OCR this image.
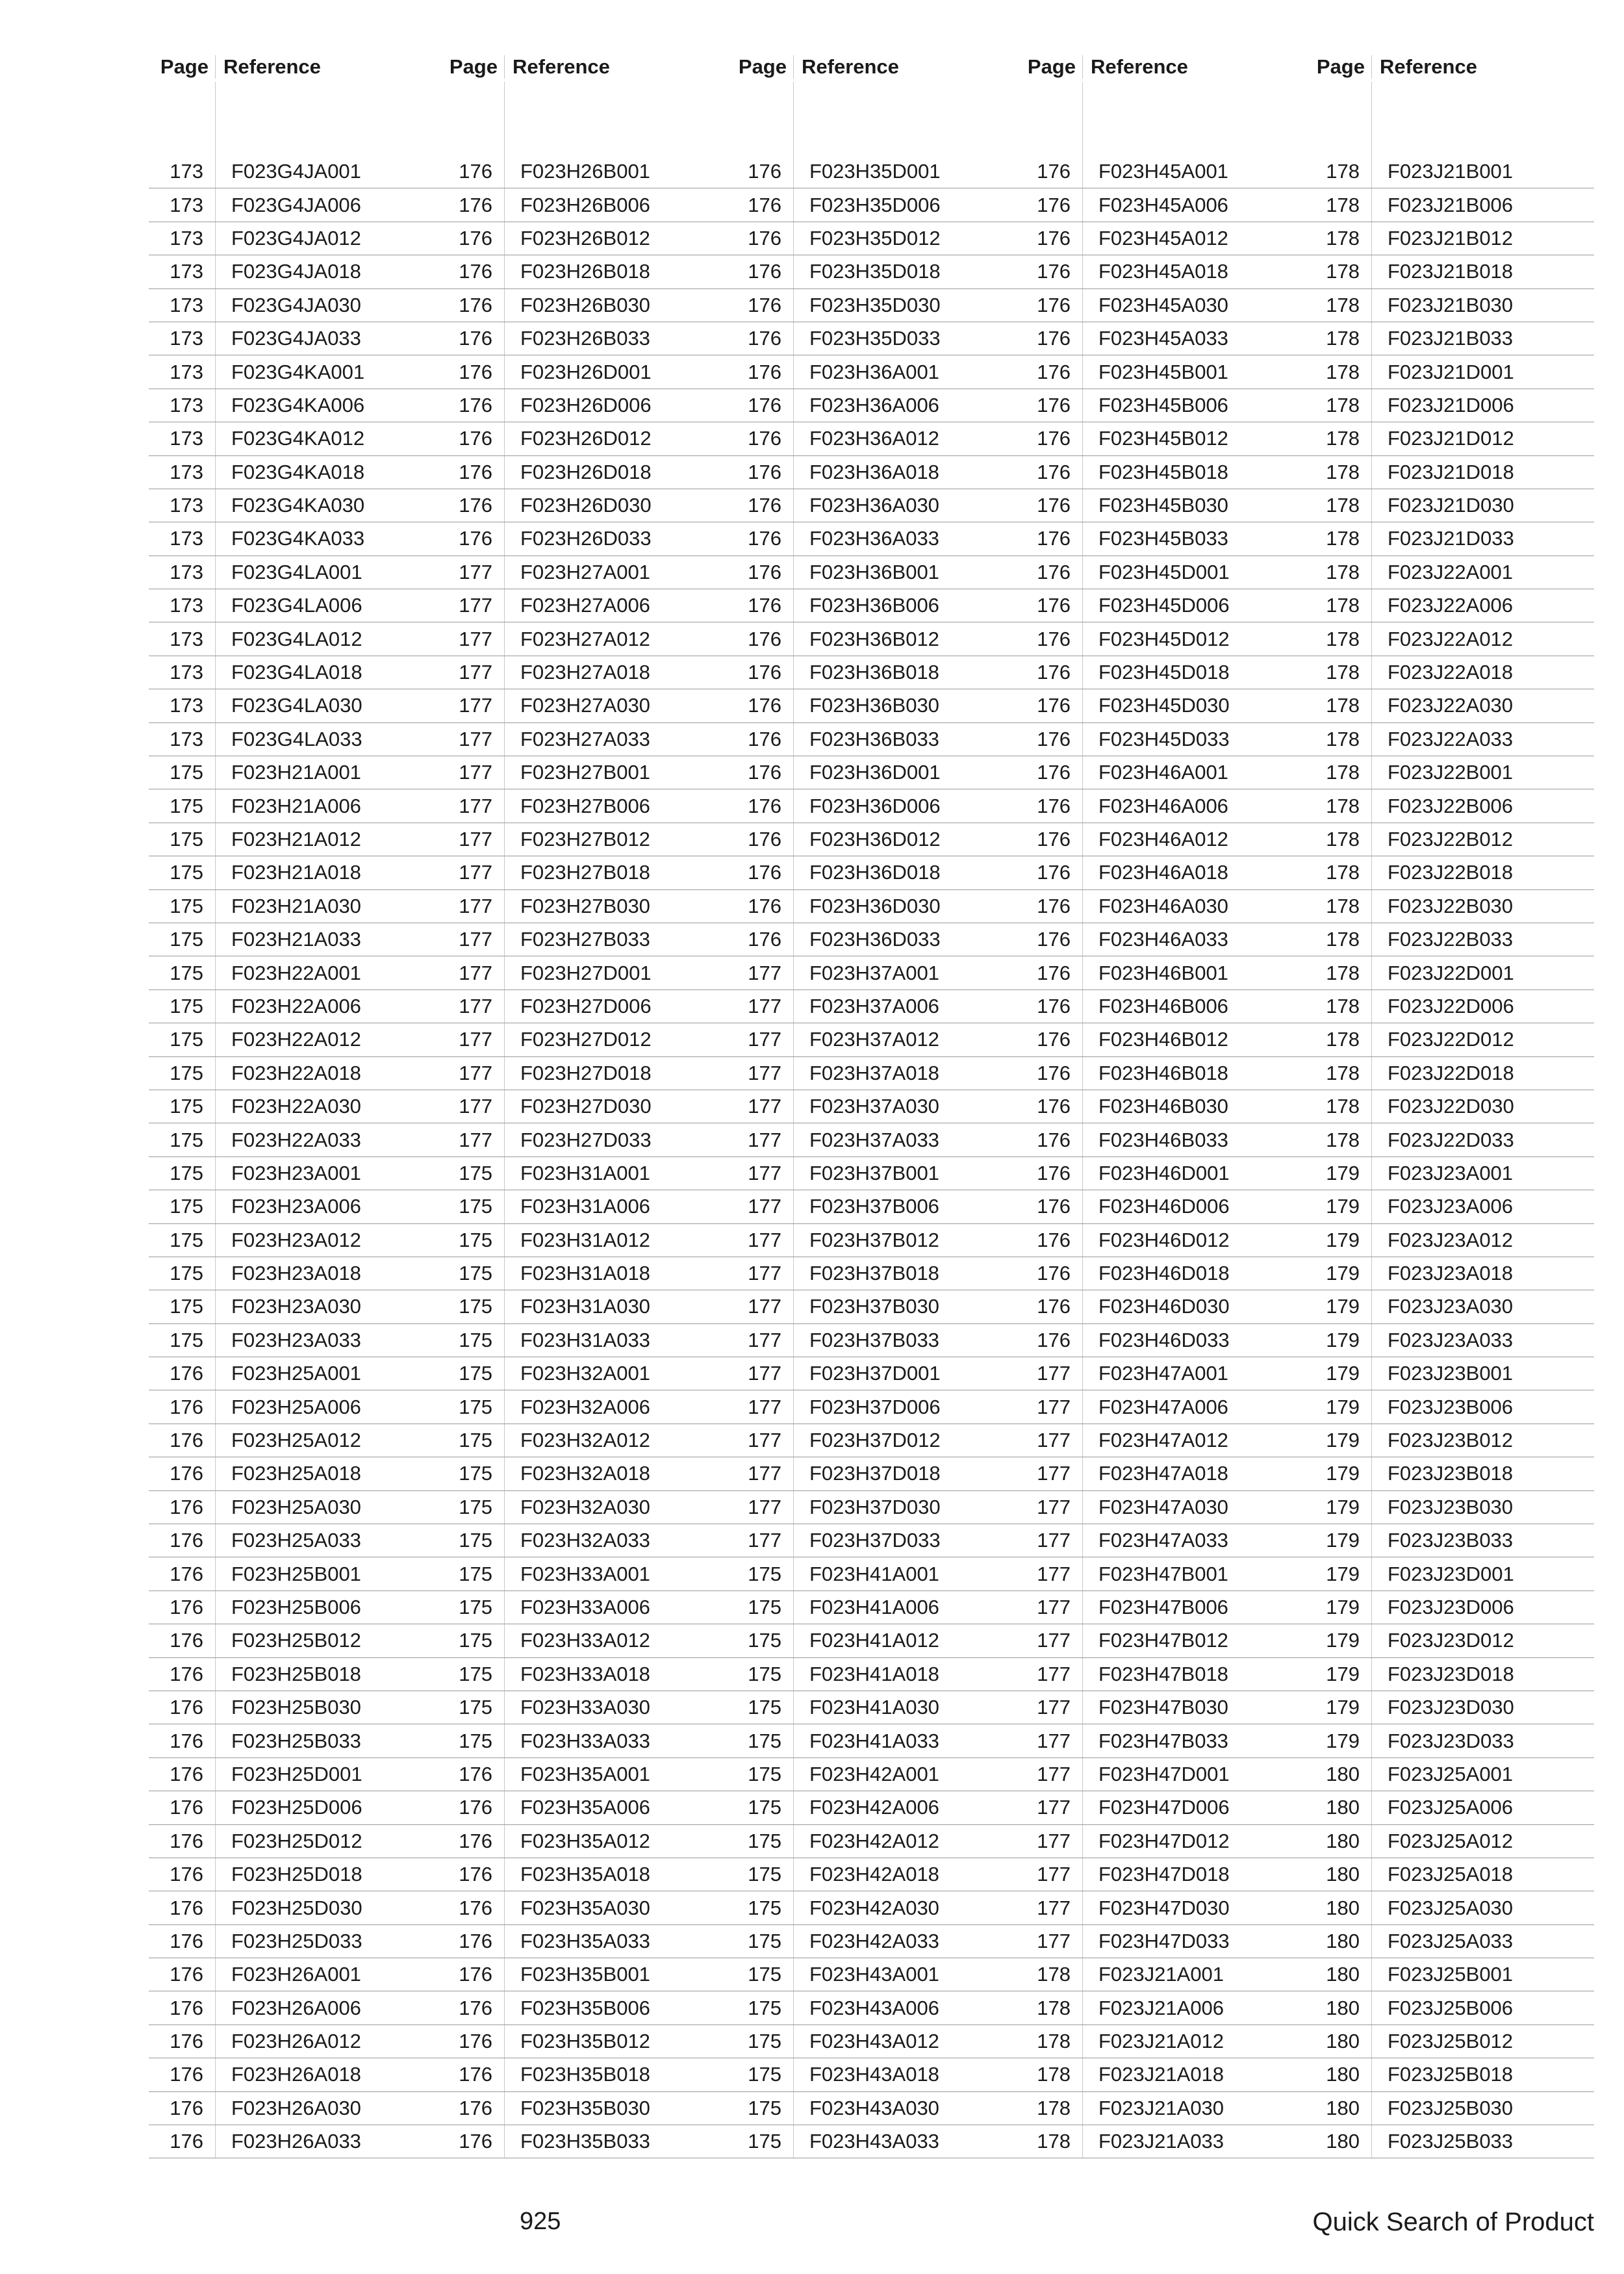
Page Reference
173	F023G4JA001
173	F023G4JA006
173	F023G4JA012
173	F023G4JA018
173	F023G4JA030
173	F023G4JA033
173	F023G4KA001
173	F023G4KA006
173	F023G4KA012
173	F023G4KA018
173	F023G4KA030
173	F023G4KA033
173	F023G4LA001
173	F023G4LA006
173	F023G4LA012
173	F023G4LA018
173	F023G4LA030
173	F023G4LA033
175	F023H21A001
175	F023H21A006
175	F023H21A012
175	F023H21A018
175	F023H21A030
175	F023H21A033
175	F023H22A001
175	F023H22A006
175	F023H22A012
175	F023H22A018
175	F023H22A030
175	F023H22A033
175	F023H23A001
175	F023H23A006
175	F023H23A012
175	F023H23A018
175	F023H23A030
175	F023H23A033
176	F023H25A001
176	F023H25A006
176	F023H25A012
176	F023H25A018
176	F023H25A030
176	F023H25A033
176	F023H25B001
176	F023H25B006
176	F023H25B012
176	F023H25B018
176	F023H25B030
176	F023H25B033
176	F023H25D001
176	F023H25D006
176	F023H25D012
176	F023H25D018
176	F023H25D030
176	F023H25D033
176	F023H26A001
176	F023H26A006
176	F023H26A012
176	F023H26A018
176	F023H26A030
176	F023H26A033
Page Reference
176	F023H26B001
176	F023H26B006
176	F023H26B012
176	F023H26B018
176	F023H26B030
176	F023H26B033
176	F023H26D001
176	F023H26D006
176	F023H26D012
176	F023H26D018
176	F023H26D030
176	F023H26D033
177	F023H27A001
177	F023H27A006
177	F023H27A012
177	F023H27A018
177	F023H27A030
177	F023H27A033
177	F023H27B001
177	F023H27B006
177	F023H27B012
177	F023H27B018
177	F023H27B030
177	F023H27B033
177	F023H27D001
177	F023H27D006
177	F023H27D012
177	F023H27D018
177	F023H27D030
177	F023H27D033
175	F023H31A001
175	F023H31A006
175	F023H31A012
175	F023H31A018
175	F023H31A030
175	F023H31A033
175	F023H32A001
175	F023H32A006
175	F023H32A012
175	F023H32A018
175	F023H32A030
175	F023H32A033
175	F023H33A001
175	F023H33A006
175	F023H33A012
175	F023H33A018
175	F023H33A030
175	F023H33A033
176	F023H35A001
176	F023H35A006
176	F023H35A012
176	F023H35A018
176	F023H35A030
176	F023H35A033
176	F023H35B001
176	F023H35B006
176	F023H35B012
176	F023H35B018
176	F023H35B030
176	F023H35B033
Page Reference
176	F023H35D001
176	F023H35D006
176	F023H35D012
176	F023H35D018
176	F023H35D030
176	F023H35D033
176	F023H36A001
176	F023H36A006
176	F023H36A012
176	F023H36A018
176	F023H36A030
176	F023H36A033
176	F023H36B001
176	F023H36B006
176	F023H36B012
176	F023H36B018
176	F023H36B030
176	F023H36B033
176	F023H36D001
176	F023H36D006
176	F023H36D012
176	F023H36D018
176	F023H36D030
176	F023H36D033
177	F023H37A001
177	F023H37A006
177	F023H37A012
177	F023H37A018
177	F023H37A030
177	F023H37A033
177	F023H37B001
177	F023H37B006
177	F023H37B012
177	F023H37B018
177	F023H37B030
177	F023H37B033
177	F023H37D001
177	F023H37D006
177	F023H37D012
177	F023H37D018
177	F023H37D030
177	F023H37D033
175	F023H41A001
175	F023H41A006
175	F023H41A012
175	F023H41A018
175	F023H41A030
175	F023H41A033
175	F023H42A001
175	F023H42A006
175	F023H42A012
175	F023H42A018
175	F023H42A030
175	F023H42A033
175	F023H43A001
175	F023H43A006
175	F023H43A012
175	F023H43A018
175	F023H43A030
175	F023H43A033
Page Reference
176	F023H45A001
176	F023H45A006
176	F023H45A012
176	F023H45A018
176	F023H45A030
176	F023H45A033
176	F023H45B001
176	F023H45B006
176	F023H45B012
176	F023H45B018
176	F023H45B030
176	F023H45B033
176	F023H45D001
176	F023H45D006
176	F023H45D012
176	F023H45D018
176	F023H45D030
176	F023H45D033
176	F023H46A001
176	F023H46A006
176	F023H46A012
176	F023H46A018
176	F023H46A030
176	F023H46A033
176	F023H46B001
176	F023H46B006
176	F023H46B012
176	F023H46B018
176	F023H46B030
176	F023H46B033
176	F023H46D001
176	F023H46D006
176	F023H46D012
176	F023H46D018
176	F023H46D030
176	F023H46D033
177	F023H47A001
177	F023H47A006
177	F023H47A012
177	F023H47A018
177	F023H47A030
177	F023H47A033
177	F023H47B001
177	F023H47B006
177	F023H47B012
177	F023H47B018
177	F023H47B030
177	F023H47B033
177	F023H47D001
177	F023H47D006
177	F023H47D012
177	F023H47D018
177	F023H47D030
177	F023H47D033
178	F023J21A001
178	F023J21A006
178	F023J21A012
178	F023J21A018
178	F023J21A030
178	F023J21A033
Page Reference
178	F023J21B001
178	F023J21B006
178	F023J21B012
178	F023J21B018
178	F023J21B030
178	F023J21B033
178	F023J21D001
178	F023J21D006
178	F023J21D012
178	F023J21D018
178	F023J21D030
178	F023J21D033
178	F023J22A001
178	F023J22A006
178	F023J22A012
178	F023J22A018
178	F023J22A030
178	F023J22A033
178	F023J22B001
178	F023J22B006
178	F023J22B012
178	F023J22B018
178	F023J22B030
178	F023J22B033
178	F023J22D001
178	F023J22D006
178	F023J22D012
178	F023J22D018
178	F023J22D030
178	F023J22D033
179	F023J23A001
179	F023J23A006
179	F023J23A012
179	F023J23A018
179	F023J23A030
179	F023J23A033
179	F023J23B001
179	F023J23B006
179	F023J23B012
179	F023J23B018
179	F023J23B030
179	F023J23B033
179	F023J23D001
179	F023J23D006
179	F023J23D012
179	F023J23D018
179	F023J23D030
179	F023J23D033
180	F023J25A001
180	F023J25A006
180	F023J25A012
180	F023J25A018
180	F023J25A030
180	F023J25A033
180	F023J25B001
180	F023J25B006
180	F023J25B012
180	F023J25B018
180	F023J25B030
180	F023J25B033
925	Quick Search of Product
